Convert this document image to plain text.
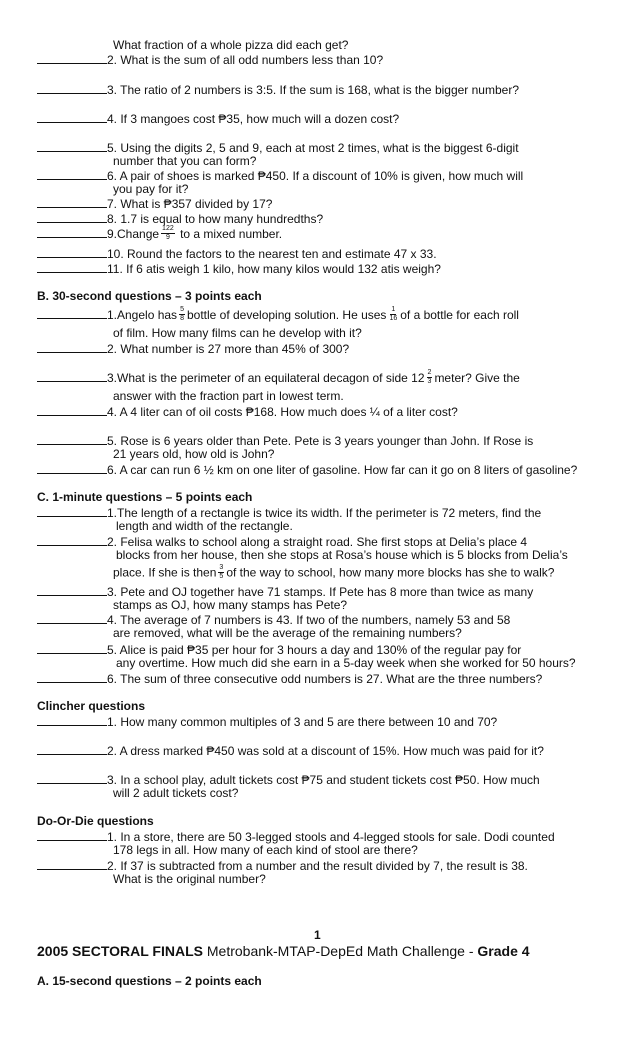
What fraction of a whole pizza did each get?
2. What is the sum of all odd numbers less than 10?
3. The ratio of 2 numbers is 3:5. If the sum is 168, what is the bigger number?
4. If 3 mangoes cost ₱35, how much will a dozen cost?
5. Using the digits 2, 5 and 9, each at most 2 times, what is the biggest 6-digit
number that you can form?
6. A pair of shoes is marked ₱450. If a discount of 10% is given, how much will
you pay for it?
7. What is ₱357 divided by 17?
8. 1.7 is equal to how many hundredths?
9.Change $\frac{122}{9}$ to a mixed number.
10. Round the factors to the nearest ten and estimate 47 x 33.
11. If 6 atis weigh 1 kilo, how many kilos would 132 atis weigh?
B. 30-second questions – 3 points each
1.Angelo has $\frac{5}{8}$ bottle of developing solution. He uses $\frac{1}{16}$ of a bottle for each roll
of film. How many films can he develop with it?
2. What number is 27 more than 45% of 300?
3.What is the perimeter of an equilateral decagon of side $12 \frac{2}{3}$ meter? Give the
answer with the fraction part in lowest term.
4. A 4 liter can of oil costs ₱168. How much does ¼ of a liter cost?
5. Rose is 6 years older than Pete. Pete is 3 years younger than John. If Rose is
21 years old, how old is John?
6. A car can run 6 ½ km on one liter of gasoline. How far can it go on 8 liters of gasoline?
C. 1-minute questions – 5 points each
1.The length of a rectangle is twice its width. If the perimeter is 72 meters, find the
length and width of the rectangle.
2. Felisa walks to school along a straight road. She first stops at Delia’s place 4
blocks from her house, then she stops at Rosa’s house which is 5 blocks from Delia’s
place. If she is then $\frac{3}{5}$ of the way to school, how many more blocks has she to walk?
3. Pete and OJ together have 71 stamps. If Pete has 8 more than twice as many
stamps as OJ, how many stamps has Pete?
4. The average of 7 numbers is 43. If two of the numbers, namely 53 and 58
are removed, what will be the average of the remaining numbers?
5. Alice is paid ₱35 per hour for 3 hours a day and 130% of the regular pay for
any overtime. How much did she earn in a 5-day week when she worked for 50 hours?
6. The sum of three consecutive odd numbers is 27. What are the three numbers?
Clincher questions
1. How many common multiples of 3 and 5 are there between 10 and 70?
2. A dress marked ₱450 was sold at a discount of 15%. How much was paid for it?
3. In a school play, adult tickets cost ₱75 and student tickets cost ₱50. How much
will 2 adult tickets cost?
Do-Or-Die questions
1. In a store, there are 50 3-legged stools and 4-legged stools for sale. Dodi counted
178 legs in all. How many of each kind of stool are there?
2. If 37 is subtracted from a number and the result divided by 7, the result is 38.
What is the original number?
1
2005 SECTORAL FINALS Metrobank-MTAP-DepEd Math Challenge - Grade 4
A. 15-second questions – 2 points each
